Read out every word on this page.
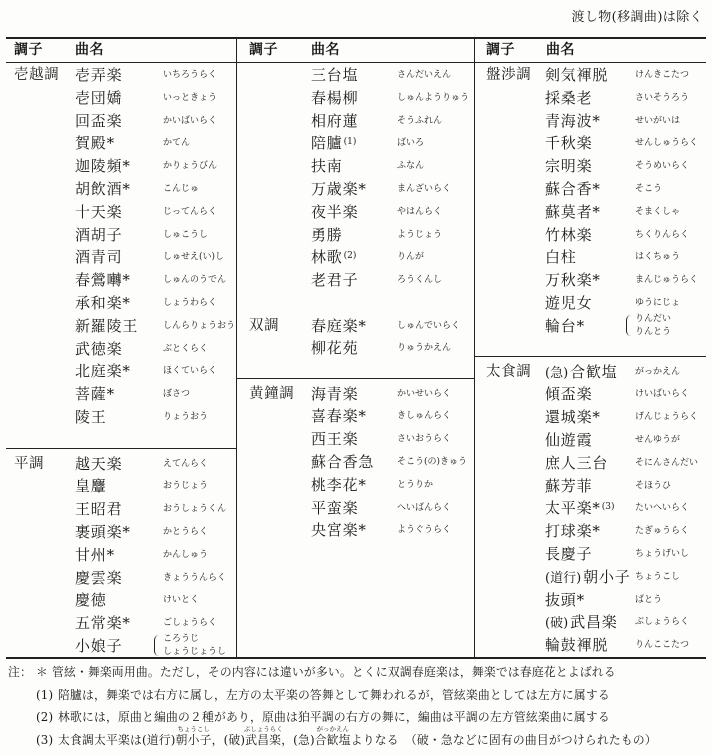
渡し物(移調曲)は除く
調子 曲名	調子 曲名	調子 曲名
壱越調 壱弄楽	いちろうらく
壱団嬌	いっときょう
回盃楽	かいばいらく
賀殿*	かてん
迦陵頻*	かりょうびん
胡飲酒*	こんじゅ
十天楽	じってんらく
酒胡子	しゅこうし
酒青司	しゅせえ(い)し
春鶯囀*	しゅんのうでん
承和楽*	しょうわらく
新羅陵王	しんらりょうおう
武徳楽	ぶとくらく
北庭楽*	ほくていらく
菩薩*	ぼさつ
陵王	りょうおう
平調 越天楽	えてんらく
皇麞	おうじょう
王昭君	おうしょうくん
裹頭楽*	かとうらく
甘州*	かんしゅう
慶雲楽	きょううんらく
慶徳	けいとく
五常楽*	ごしょうらく
小娘子	ころうじ
しょうじょうし
三台塩	さんだいえん
春楊柳	しゅんようりゅう
相府蓮	そうふれん
陪臚$^{(1)}$	ばいろ
扶南	ふなん
万歳楽*	まんざいらく
夜半楽	やはんらく
勇勝	ようじょう
林歌$^{(2)}$	りんが
老君子	ろうくんし
双調 春庭楽*	しゅんでいらく
柳花苑	りゅうかえん
黄鐘調 海青楽	かいせいらく
喜春楽*	きしゅんらく
西王楽	さいおうらく
蘇合香急	そこう(の)きゅう
桃李花*	とうりか
平蛮楽	へいばんらく
央宮楽*	ようぐうらく
盤渉調 剣気褌脱	けんきこたつ
採桑老	さいそうろう
青海波*	せいがいは
千秋楽	せんしゅうらく
宗明楽	そうめいらく
蘇合香*	そこう
蘇莫者*	そまくしゃ
竹林楽	ちくりんらく
白柱	はくちゅう
万秋楽*	まんじゅうらく
遊児女	ゆうにじょ
輪台*	りんだい
りんとう
太食調 (急) 合歓塩 がっかえん
傾盃楽	けいばいらく
還城楽*	げんじょうらく
仙遊霞	せんゆうが
庶人三台	そにんさんだい
蘇芳菲	そほうひ
太平楽*$^{(3)}$ たいへいらく
打球楽*	たぎゅうらく
長慶子	ちょうげいし
(道行) 朝小子 ちょうこし
抜頭*	ばとう
(破) 武昌楽 ぶしょうらく
輪鼓褌脱	りんここたつ
注： ＊ 管絃・舞楽両用曲。ただし，その内容には違いが多い。とくに双調春庭楽は，舞楽では春庭花とよばれる
(1) 陪臚は，舞楽では右方に属し，左方の太平楽の答舞として舞われるが，管絃楽曲としては左方に属する
(2) 林歌には，原曲と編曲の２種があり，原曲は狛平調の右方の舞に，編曲は平調の左方管絃楽曲に属する
(3) 太食調太平楽は(道行)朝小子
ちょうこし
，(破)武昌楽
ぶしょうらく
，(急)合歓塩
がっかえん
よりなる　（破・急などに固有の曲目がつけられたもの）
